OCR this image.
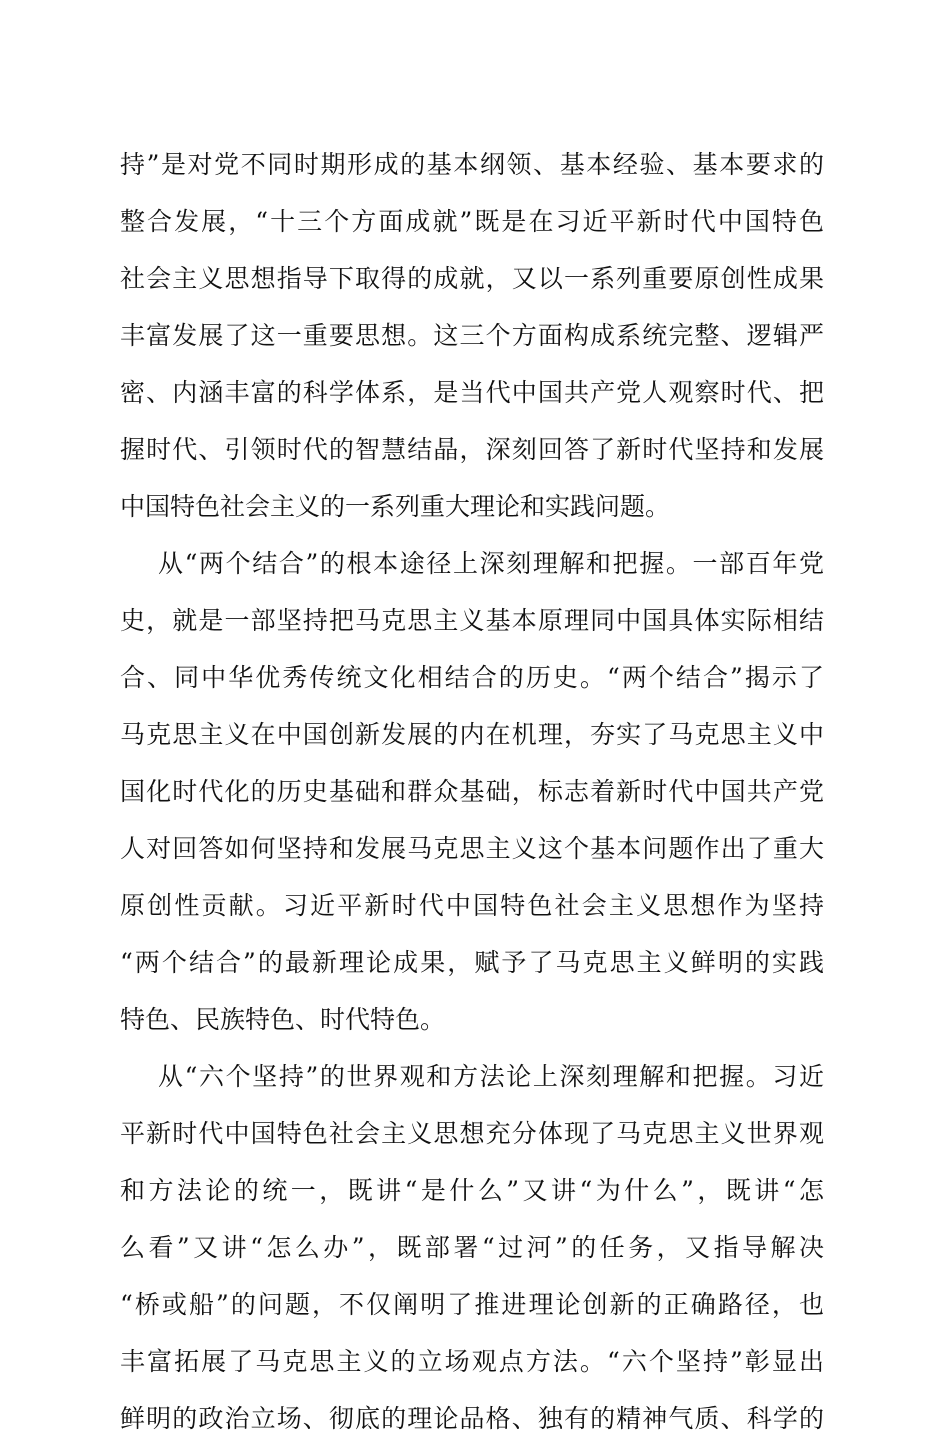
持”是对党不同时期形成的基本纲领、基本经验、基本要求的
整合发展，“十三个方面成就”既是在习近平新时代中国特色
社会主义思想指导下取得的成就，又以一系列重要原创性成果
丰富发展了这一重要思想。这三个方面构成系统完整、逻辑严
密、内涵丰富的科学体系，是当代中国共产党人观察时代、把
握时代、引领时代的智慧结晶，深刻回答了新时代坚持和发展
中国特色社会主义的一系列重大理论和实践问题。
从“两个结合”的根本途径上深刻理解和把握。一部百年党
史，就是一部坚持把马克思主义基本原理同中国具体实际相结
合、同中华优秀传统文化相结合的历史。“两个结合”揭示了
马克思主义在中国创新发展的内在机理，夯实了马克思主义中
国化时代化的历史基础和群众基础，标志着新时代中国共产党
人对回答如何坚持和发展马克思主义这个基本问题作出了重大
原创性贡献。习近平新时代中国特色社会主义思想作为坚持
“两个结合”的最新理论成果，赋予了马克思主义鲜明的实践
特色、民族特色、时代特色。
从“六个坚持”的世界观和方法论上深刻理解和把握。习近
平新时代中国特色社会主义思想充分体现了马克思主义世界观
和方法论的统一，既讲“是什么”又讲“为什么”，既讲“怎
么看”又讲“怎么办”，既部署“过河”的任务，又指导解决
“桥或船”的问题，不仅阐明了推进理论创新的正确路径，也
丰富拓展了马克思主义的立场观点方法。“六个坚持”彰显出
鲜明的政治立场、彻底的理论品格、独有的精神气质、科学的
